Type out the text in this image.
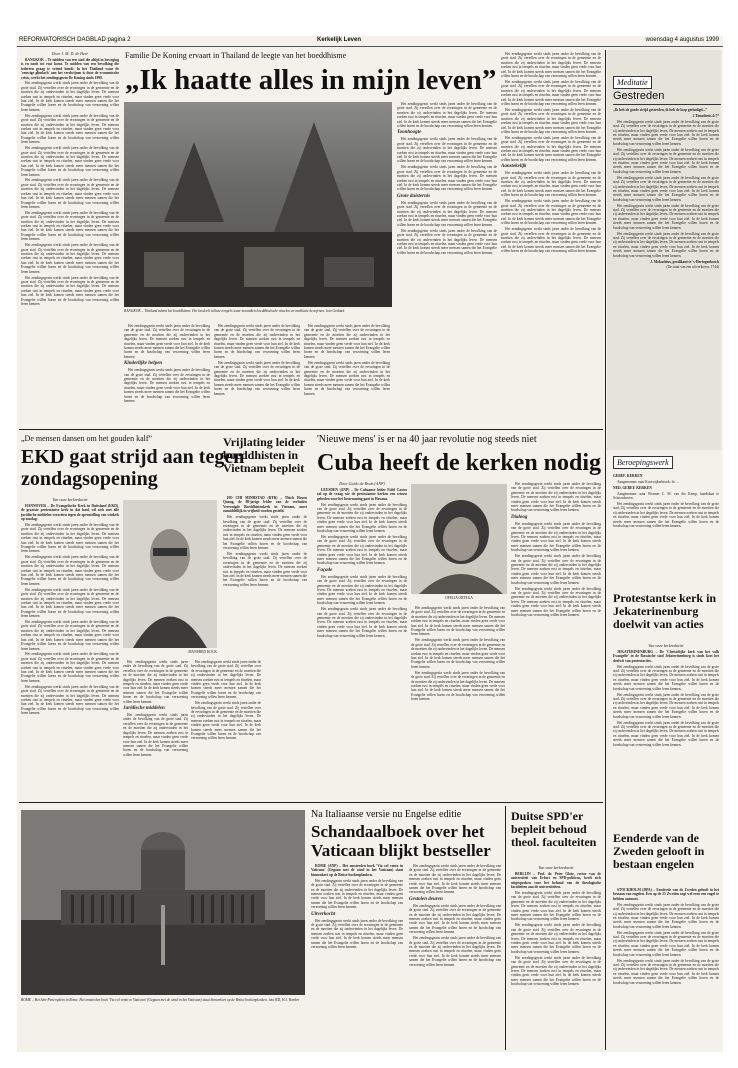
REFORMATORISCH DAGBLAD pagina 2	Kerkelijk Leven	woensdag 4 augustus 1999

Door J. M. D. de Heer

BANGKOK – Te midden van een stad die altijd in beweging is en nooit tot rust komt. Te midden van een bevolking die iedereen graag te vriend houdt. In het Thailand waar de 'eeuwige glimlach' aan het verdwijnen is door de economische crisis, werkt het zendingsgezin De Koning sinds 1990.

Het zendingsgezin werkt sinds jaren onder de bevolking van de grote stad. Zij vertellen over de ervaringen in de gemeente en de moeiten die zij ondervinden in het dagelijks leven. De mensen zoeken rust in tempels en rituelen, maar vinden geen vrede voor hun ziel. In de kerk komen steeds meer mensen samen die het Evangelie willen horen en de boodschap van verzoening willen leren kennen.

Het zendingsgezin werkt sinds jaren onder de bevolking van de grote stad. Zij vertellen over de ervaringen in de gemeente en de moeiten die zij ondervinden in het dagelijks leven. De mensen zoeken rust in tempels en rituelen, maar vinden geen vrede voor hun ziel. In de kerk komen steeds meer mensen samen die het Evangelie willen horen en de boodschap van verzoening willen leren kennen.

Het zendingsgezin werkt sinds jaren onder de bevolking van de grote stad. Zij vertellen over de ervaringen in de gemeente en de moeiten die zij ondervinden in het dagelijks leven. De mensen zoeken rust in tempels en rituelen, maar vinden geen vrede voor hun ziel. In de kerk komen steeds meer mensen samen die het Evangelie willen horen en de boodschap van verzoening willen leren kennen.

Het zendingsgezin werkt sinds jaren onder de bevolking van de grote stad. Zij vertellen over de ervaringen in de gemeente en de moeiten die zij ondervinden in het dagelijks leven. De mensen zoeken rust in tempels en rituelen, maar vinden geen vrede voor hun ziel. In de kerk komen steeds meer mensen samen die het Evangelie willen horen en de boodschap van verzoening willen leren kennen.

Het zendingsgezin werkt sinds jaren onder de bevolking van de grote stad. Zij vertellen over de ervaringen in de gemeente en de moeiten die zij ondervinden in het dagelijks leven. De mensen zoeken rust in tempels en rituelen, maar vinden geen vrede voor hun ziel. In de kerk komen steeds meer mensen samen die het Evangelie willen horen en de boodschap van verzoening willen leren kennen.

Het zendingsgezin werkt sinds jaren onder de bevolking van de grote stad. Zij vertellen over de ervaringen in de gemeente en de moeiten die zij ondervinden in het dagelijks leven. De mensen zoeken rust in tempels en rituelen, maar vinden geen vrede voor hun ziel. In de kerk komen steeds meer mensen samen die het Evangelie willen horen en de boodschap van verzoening willen leren kennen.

Het zendingsgezin werkt sinds jaren onder de bevolking van de grote stad. Zij vertellen over de ervaringen in de gemeente en de moeiten die zij ondervinden in het dagelijks leven. De mensen zoeken rust in tempels en rituelen, maar vinden geen vrede voor hun ziel. In de kerk komen steeds meer mensen samen die het Evangelie willen horen en de boodschap van verzoening willen leren kennen.

Familie De Koning ervaart in Thailand de leegte van het boeddhisme
„Ik haatte alles in mijn leven”
BANGKOK – Thailand ademt het boeddhisme. Het land telt talloze tempels waar monniken boeddhistische rituelen en meditatie beoefenen. foto Gerhard

Het zendingsgezin werkt sinds jaren onder de bevolking van de grote stad. Zij vertellen over de ervaringen in de gemeente en de moeiten die zij ondervinden in het dagelijks leven. De mensen zoeken rust in tempels en rituelen, maar vinden geen vrede voor hun ziel. In de kerk komen steeds meer mensen samen die het Evangelie willen horen en de boodschap van verzoening willen leren kennen.

Kinderlijke helpen

Het zendingsgezin werkt sinds jaren onder de bevolking van de grote stad. Zij vertellen over de ervaringen in de gemeente en de moeiten die zij ondervinden in het dagelijks leven. De mensen zoeken rust in tempels en rituelen, maar vinden geen vrede voor hun ziel. In de kerk komen steeds meer mensen samen die het Evangelie willen horen en de boodschap van verzoening willen leren kennen.

Het zendingsgezin werkt sinds jaren onder de bevolking van de grote stad. Zij vertellen over de ervaringen in de gemeente en de moeiten die zij ondervinden in het dagelijks leven. De mensen zoeken rust in tempels en rituelen, maar vinden geen vrede voor hun ziel. In de kerk komen steeds meer mensen samen die het Evangelie willen horen en de boodschap van verzoening willen leren kennen.

Het zendingsgezin werkt sinds jaren onder de bevolking van de grote stad. Zij vertellen over de ervaringen in de gemeente en de moeiten die zij ondervinden in het dagelijks leven. De mensen zoeken rust in tempels en rituelen, maar vinden geen vrede voor hun ziel. In de kerk komen steeds meer mensen samen die het Evangelie willen horen en de boodschap van verzoening willen leren kennen.

Het zendingsgezin werkt sinds jaren onder de bevolking van de grote stad. Zij vertellen over de ervaringen in de gemeente en de moeiten die zij ondervinden in het dagelijks leven. De mensen zoeken rust in tempels en rituelen, maar vinden geen vrede voor hun ziel. In de kerk komen steeds meer mensen samen die het Evangelie willen horen en de boodschap van verzoening willen leren kennen.

Het zendingsgezin werkt sinds jaren onder de bevolking van de grote stad. Zij vertellen over de ervaringen in de gemeente en de moeiten die zij ondervinden in het dagelijks leven. De mensen zoeken rust in tempels en rituelen, maar vinden geen vrede voor hun ziel. In de kerk komen steeds meer mensen samen die het Evangelie willen horen en de boodschap van verzoening willen leren kennen.

Het zendingsgezin werkt sinds jaren onder de bevolking van de grote stad. Zij vertellen over de ervaringen in de gemeente en de moeiten die zij ondervinden in het dagelijks leven. De mensen zoeken rust in tempels en rituelen, maar vinden geen vrede voor hun ziel. In de kerk komen steeds meer mensen samen die het Evangelie willen horen en de boodschap van verzoening willen leren kennen.

Toonhoogte

Het zendingsgezin werkt sinds jaren onder de bevolking van de grote stad. Zij vertellen over de ervaringen in de gemeente en de moeiten die zij ondervinden in het dagelijks leven. De mensen zoeken rust in tempels en rituelen, maar vinden geen vrede voor hun ziel. In de kerk komen steeds meer mensen samen die het Evangelie willen horen en de boodschap van verzoening willen leren kennen.

Het zendingsgezin werkt sinds jaren onder de bevolking van de grote stad. Zij vertellen over de ervaringen in de gemeente en de moeiten die zij ondervinden in het dagelijks leven. De mensen zoeken rust in tempels en rituelen, maar vinden geen vrede voor hun ziel. In de kerk komen steeds meer mensen samen die het Evangelie willen horen en de boodschap van verzoening willen leren kennen.

Grote duisternis

Het zendingsgezin werkt sinds jaren onder de bevolking van de grote stad. Zij vertellen over de ervaringen in de gemeente en de moeiten die zij ondervinden in het dagelijks leven. De mensen zoeken rust in tempels en rituelen, maar vinden geen vrede voor hun ziel. In de kerk komen steeds meer mensen samen die het Evangelie willen horen en de boodschap van verzoening willen leren kennen.

Het zendingsgezin werkt sinds jaren onder de bevolking van de grote stad. Zij vertellen over de ervaringen in de gemeente en de moeiten die zij ondervinden in het dagelijks leven. De mensen zoeken rust in tempels en rituelen, maar vinden geen vrede voor hun ziel. In de kerk komen steeds meer mensen samen die het Evangelie willen horen en de boodschap van verzoening willen leren kennen.

Het zendingsgezin werkt sinds jaren onder de bevolking van de grote stad. Zij vertellen over de ervaringen in de gemeente en de moeiten die zij ondervinden in het dagelijks leven. De mensen zoeken rust in tempels en rituelen, maar vinden geen vrede voor hun ziel. In de kerk komen steeds meer mensen samen die het Evangelie willen horen en de boodschap van verzoening willen leren kennen.

Het zendingsgezin werkt sinds jaren onder de bevolking van de grote stad. Zij vertellen over de ervaringen in de gemeente en de moeiten die zij ondervinden in het dagelijks leven. De mensen zoeken rust in tempels en rituelen, maar vinden geen vrede voor hun ziel. In de kerk komen steeds meer mensen samen die het Evangelie willen horen en de boodschap van verzoening willen leren kennen.

Het zendingsgezin werkt sinds jaren onder de bevolking van de grote stad. Zij vertellen over de ervaringen in de gemeente en de moeiten die zij ondervinden in het dagelijks leven. De mensen zoeken rust in tempels en rituelen, maar vinden geen vrede voor hun ziel. In de kerk komen steeds meer mensen samen die het Evangelie willen horen en de boodschap van verzoening willen leren kennen.

Het zendingsgezin werkt sinds jaren onder de bevolking van de grote stad. Zij vertellen over de ervaringen in de gemeente en de moeiten die zij ondervinden in het dagelijks leven. De mensen zoeken rust in tempels en rituelen, maar vinden geen vrede voor hun ziel. In de kerk komen steeds meer mensen samen die het Evangelie willen horen en de boodschap van verzoening willen leren kennen.

Aanstekelijk

Het zendingsgezin werkt sinds jaren onder de bevolking van de grote stad. Zij vertellen over de ervaringen in de gemeente en de moeiten die zij ondervinden in het dagelijks leven. De mensen zoeken rust in tempels en rituelen, maar vinden geen vrede voor hun ziel. In de kerk komen steeds meer mensen samen die het Evangelie willen horen en de boodschap van verzoening willen leren kennen.

Het zendingsgezin werkt sinds jaren onder de bevolking van de grote stad. Zij vertellen over de ervaringen in de gemeente en de moeiten die zij ondervinden in het dagelijks leven. De mensen zoeken rust in tempels en rituelen, maar vinden geen vrede voor hun ziel. In de kerk komen steeds meer mensen samen die het Evangelie willen horen en de boodschap van verzoening willen leren kennen.

Het zendingsgezin werkt sinds jaren onder de bevolking van de grote stad. Zij vertellen over de ervaringen in de gemeente en de moeiten die zij ondervinden in het dagelijks leven. De mensen zoeken rust in tempels en rituelen, maar vinden geen vrede voor hun ziel. In de kerk komen steeds meer mensen samen die het Evangelie willen horen en de boodschap van verzoening willen leren kennen.

Meditatie
Gestreden

„Ik heb de goede strijd gestreden, ik heb de loop geëindigd...”

2 Timotheüs 4:7*

Het zendingsgezin werkt sinds jaren onder de bevolking van de grote stad. Zij vertellen over de ervaringen in de gemeente en de moeiten die zij ondervinden in het dagelijks leven. De mensen zoeken rust in tempels en rituelen, maar vinden geen vrede voor hun ziel. In de kerk komen steeds meer mensen samen die het Evangelie willen horen en de boodschap van verzoening willen leren kennen.

Het zendingsgezin werkt sinds jaren onder de bevolking van de grote stad. Zij vertellen over de ervaringen in de gemeente en de moeiten die zij ondervinden in het dagelijks leven. De mensen zoeken rust in tempels en rituelen, maar vinden geen vrede voor hun ziel. In de kerk komen steeds meer mensen samen die het Evangelie willen horen en de boodschap van verzoening willen leren kennen.

Het zendingsgezin werkt sinds jaren onder de bevolking van de grote stad. Zij vertellen over de ervaringen in de gemeente en de moeiten die zij ondervinden in het dagelijks leven. De mensen zoeken rust in tempels en rituelen, maar vinden geen vrede voor hun ziel. In de kerk komen steeds meer mensen samen die het Evangelie willen horen en de boodschap van verzoening willen leren kennen.

Het zendingsgezin werkt sinds jaren onder de bevolking van de grote stad. Zij vertellen over de ervaringen in de gemeente en de moeiten die zij ondervinden in het dagelijks leven. De mensen zoeken rust in tempels en rituelen, maar vinden geen vrede voor hun ziel. In de kerk komen steeds meer mensen samen die het Evangelie willen horen en de boodschap van verzoening willen leren kennen.

Het zendingsgezin werkt sinds jaren onder de bevolking van de grote stad. Zij vertellen over de ervaringen in de gemeente en de moeiten die zij ondervinden in het dagelijks leven. De mensen zoeken rust in tempels en rituelen, maar vinden geen vrede voor hun ziel. In de kerk komen steeds meer mensen samen die het Evangelie willen horen en de boodschap van verzoening willen leren kennen.

J. Mobachius, predikant te 's-Hertogenbosch

(De staat van een uitverkoren, 1744)

Beroepingswerk

GEREF. KERKEN

Aangenomen: naar Kootwijkerbroek: ds. ...

NED. GEREF. KERKEN

Aangenomen: naar Wormer C. M. van der Kemp, kandidaat te Schoonhoven.

Het zendingsgezin werkt sinds jaren onder de bevolking van de grote stad. Zij vertellen over de ervaringen in de gemeente en de moeiten die zij ondervinden in het dagelijks leven. De mensen zoeken rust in tempels en rituelen, maar vinden geen vrede voor hun ziel. In de kerk komen steeds meer mensen samen die het Evangelie willen horen en de boodschap van verzoening willen leren kennen.

Protestantse kerk in Jekaterinenburg doelwit van acties

Van onze kerkredactie

JEKATERINENBURG – De 'Christelijke kerk van het volk Evangelië' in de Russische stad Jekaterinenburg is sinds kort het doelwit van protestacties.

Het zendingsgezin werkt sinds jaren onder de bevolking van de grote stad. Zij vertellen over de ervaringen in de gemeente en de moeiten die zij ondervinden in het dagelijks leven. De mensen zoeken rust in tempels en rituelen, maar vinden geen vrede voor hun ziel. In de kerk komen steeds meer mensen samen die het Evangelie willen horen en de boodschap van verzoening willen leren kennen.

Het zendingsgezin werkt sinds jaren onder de bevolking van de grote stad. Zij vertellen over de ervaringen in de gemeente en de moeiten die zij ondervinden in het dagelijks leven. De mensen zoeken rust in tempels en rituelen, maar vinden geen vrede voor hun ziel. In de kerk komen steeds meer mensen samen die het Evangelie willen horen en de boodschap van verzoening willen leren kennen.

Het zendingsgezin werkt sinds jaren onder de bevolking van de grote stad. Zij vertellen over de ervaringen in de gemeente en de moeiten die zij ondervinden in het dagelijks leven. De mensen zoeken rust in tempels en rituelen, maar vinden geen vrede voor hun ziel. In de kerk komen steeds meer mensen samen die het Evangelie willen horen en de boodschap van verzoening willen leren kennen.

Eenderde van de Zweden gelooft in bestaan engelen

STOCKHOLM (DPA) – Eenderde van de Zweden gelooft in het bestaan van engelen. Een op de 25 Zweden zegt wel eens een engel te hebben ontmoet.

Het zendingsgezin werkt sinds jaren onder de bevolking van de grote stad. Zij vertellen over de ervaringen in de gemeente en de moeiten die zij ondervinden in het dagelijks leven. De mensen zoeken rust in tempels en rituelen, maar vinden geen vrede voor hun ziel. In de kerk komen steeds meer mensen samen die het Evangelie willen horen en de boodschap van verzoening willen leren kennen.

Het zendingsgezin werkt sinds jaren onder de bevolking van de grote stad. Zij vertellen over de ervaringen in de gemeente en de moeiten die zij ondervinden in het dagelijks leven. De mensen zoeken rust in tempels en rituelen, maar vinden geen vrede voor hun ziel. In de kerk komen steeds meer mensen samen die het Evangelie willen horen en de boodschap van verzoening willen leren kennen.

Het zendingsgezin werkt sinds jaren onder de bevolking van de grote stad. Zij vertellen over de ervaringen in de gemeente en de moeiten die zij ondervinden in het dagelijks leven. De mensen zoeken rust in tempels en rituelen, maar vinden geen vrede voor hun ziel. In de kerk komen steeds meer mensen samen die het Evangelie willen horen en de boodschap van verzoening willen leren kennen.

„De mensen dansen om het gouden kalf”
EKD gaat strijd aan tegen zondagsopening

Van onze kerkredactie

HANNOVER – De Evangelische Kerk in Duitsland (EKD), de grootste protestantse kerk in dat land, wil zich met alle juridische middelen verzetten tegen de openstelling van winkels op zondag.

Het zendingsgezin werkt sinds jaren onder de bevolking van de grote stad. Zij vertellen over de ervaringen in de gemeente en de moeiten die zij ondervinden in het dagelijks leven. De mensen zoeken rust in tempels en rituelen, maar vinden geen vrede voor hun ziel. In de kerk komen steeds meer mensen samen die het Evangelie willen horen en de boodschap van verzoening willen leren kennen.

Het zendingsgezin werkt sinds jaren onder de bevolking van de grote stad. Zij vertellen over de ervaringen in de gemeente en de moeiten die zij ondervinden in het dagelijks leven. De mensen zoeken rust in tempels en rituelen, maar vinden geen vrede voor hun ziel. In de kerk komen steeds meer mensen samen die het Evangelie willen horen en de boodschap van verzoening willen leren kennen.

Het zendingsgezin werkt sinds jaren onder de bevolking van de grote stad. Zij vertellen over de ervaringen in de gemeente en de moeiten die zij ondervinden in het dagelijks leven. De mensen zoeken rust in tempels en rituelen, maar vinden geen vrede voor hun ziel. In de kerk komen steeds meer mensen samen die het Evangelie willen horen en de boodschap van verzoening willen leren kennen.

Het zendingsgezin werkt sinds jaren onder de bevolking van de grote stad. Zij vertellen over de ervaringen in de gemeente en de moeiten die zij ondervinden in het dagelijks leven. De mensen zoeken rust in tempels en rituelen, maar vinden geen vrede voor hun ziel. In de kerk komen steeds meer mensen samen die het Evangelie willen horen en de boodschap van verzoening willen leren kennen.

Het zendingsgezin werkt sinds jaren onder de bevolking van de grote stad. Zij vertellen over de ervaringen in de gemeente en de moeiten die zij ondervinden in het dagelijks leven. De mensen zoeken rust in tempels en rituelen, maar vinden geen vrede voor hun ziel. In de kerk komen steeds meer mensen samen die het Evangelie willen horen en de boodschap van verzoening willen leren kennen.

Het zendingsgezin werkt sinds jaren onder de bevolking van de grote stad. Zij vertellen over de ervaringen in de gemeente en de moeiten die zij ondervinden in het dagelijks leven. De mensen zoeken rust in tempels en rituelen, maar vinden geen vrede voor hun ziel. In de kerk komen steeds meer mensen samen die het Evangelie willen horen en de boodschap van verzoening willen leren kennen.

MANFRED KOCK

Het zendingsgezin werkt sinds jaren onder de bevolking van de grote stad. Zij vertellen over de ervaringen in de gemeente en de moeiten die zij ondervinden in het dagelijks leven. De mensen zoeken rust in tempels en rituelen, maar vinden geen vrede voor hun ziel. In de kerk komen steeds meer mensen samen die het Evangelie willen horen en de boodschap van verzoening willen leren kennen.

Juridische middelen

Het zendingsgezin werkt sinds jaren onder de bevolking van de grote stad. Zij vertellen over de ervaringen in de gemeente en de moeiten die zij ondervinden in het dagelijks leven. De mensen zoeken rust in tempels en rituelen, maar vinden geen vrede voor hun ziel. In de kerk komen steeds meer mensen samen die het Evangelie willen horen en de boodschap van verzoening willen leren kennen.

Het zendingsgezin werkt sinds jaren onder de bevolking van de grote stad. Zij vertellen over de ervaringen in de gemeente en de moeiten die zij ondervinden in het dagelijks leven. De mensen zoeken rust in tempels en rituelen, maar vinden geen vrede voor hun ziel. In de kerk komen steeds meer mensen samen die het Evangelie willen horen en de boodschap van verzoening willen leren kennen.

Het zendingsgezin werkt sinds jaren onder de bevolking van de grote stad. Zij vertellen over de ervaringen in de gemeente en de moeiten die zij ondervinden in het dagelijks leven. De mensen zoeken rust in tempels en rituelen, maar vinden geen vrede voor hun ziel. In de kerk komen steeds meer mensen samen die het Evangelie willen horen en de boodschap van verzoening willen leren kennen.

Vrijlating leider boeddhisten in Vietnam bepleit

HO CHI MINHSTAD (RTR) – Thich Huyen Quang, de 80-jarige leider van de verboden Vereenigde Boeddhistenkerk in Vietnam, moet onmiddellijk in vrijheid worden gesteld.

Het zendingsgezin werkt sinds jaren onder de bevolking van de grote stad. Zij vertellen over de ervaringen in de gemeente en de moeiten die zij ondervinden in het dagelijks leven. De mensen zoeken rust in tempels en rituelen, maar vinden geen vrede voor hun ziel. In de kerk komen steeds meer mensen samen die het Evangelie willen horen en de boodschap van verzoening willen leren kennen.

Het zendingsgezin werkt sinds jaren onder de bevolking van de grote stad. Zij vertellen over de ervaringen in de gemeente en de moeiten die zij ondervinden in het dagelijks leven. De mensen zoeken rust in tempels en rituelen, maar vinden geen vrede voor hun ziel. In de kerk komen steeds meer mensen samen die het Evangelie willen horen en de boodschap van verzoening willen leren kennen.

'Nieuwe mens' is er na 40 jaar revolutie nog steeds niet
Cuba heeft de kerken nodig

Door Guido de Bruin (ANP)

LEUSDEN (ANP) – De Cubaanse leider Fidel Castro zal op de vraag wie de protestantse kerken een wissen gebeden voor het bestemming gaat in Havana.

Het zendingsgezin werkt sinds jaren onder de bevolking van de grote stad. Zij vertellen over de ervaringen in de gemeente en de moeiten die zij ondervinden in het dagelijks leven. De mensen zoeken rust in tempels en rituelen, maar vinden geen vrede voor hun ziel. In de kerk komen steeds meer mensen samen die het Evangelie willen horen en de boodschap van verzoening willen leren kennen.

Het zendingsgezin werkt sinds jaren onder de bevolking van de grote stad. Zij vertellen over de ervaringen in de gemeente en de moeiten die zij ondervinden in het dagelijks leven. De mensen zoeken rust in tempels en rituelen, maar vinden geen vrede voor hun ziel. In de kerk komen steeds meer mensen samen die het Evangelie willen horen en de boodschap van verzoening willen leren kennen.

Façade

Het zendingsgezin werkt sinds jaren onder de bevolking van de grote stad. Zij vertellen over de ervaringen in de gemeente en de moeiten die zij ondervinden in het dagelijks leven. De mensen zoeken rust in tempels en rituelen, maar vinden geen vrede voor hun ziel. In de kerk komen steeds meer mensen samen die het Evangelie willen horen en de boodschap van verzoening willen leren kennen.

Het zendingsgezin werkt sinds jaren onder de bevolking van de grote stad. Zij vertellen over de ervaringen in de gemeente en de moeiten die zij ondervinden in het dagelijks leven. De mensen zoeken rust in tempels en rituelen, maar vinden geen vrede voor hun ziel. In de kerk komen steeds meer mensen samen die het Evangelie willen horen en de boodschap van verzoening willen leren kennen.

OFELIA ORTEGA

Het zendingsgezin werkt sinds jaren onder de bevolking van de grote stad. Zij vertellen over de ervaringen in de gemeente en de moeiten die zij ondervinden in het dagelijks leven. De mensen zoeken rust in tempels en rituelen, maar vinden geen vrede voor hun ziel. In de kerk komen steeds meer mensen samen die het Evangelie willen horen en de boodschap van verzoening willen leren kennen.

Het zendingsgezin werkt sinds jaren onder de bevolking van de grote stad. Zij vertellen over de ervaringen in de gemeente en de moeiten die zij ondervinden in het dagelijks leven. De mensen zoeken rust in tempels en rituelen, maar vinden geen vrede voor hun ziel. In de kerk komen steeds meer mensen samen die het Evangelie willen horen en de boodschap van verzoening willen leren kennen.

Het zendingsgezin werkt sinds jaren onder de bevolking van de grote stad. Zij vertellen over de ervaringen in de gemeente en de moeiten die zij ondervinden in het dagelijks leven. De mensen zoeken rust in tempels en rituelen, maar vinden geen vrede voor hun ziel. In de kerk komen steeds meer mensen samen die het Evangelie willen horen en de boodschap van verzoening willen leren kennen.

Het zendingsgezin werkt sinds jaren onder de bevolking van de grote stad. Zij vertellen over de ervaringen in de gemeente en de moeiten die zij ondervinden in het dagelijks leven. De mensen zoeken rust in tempels en rituelen, maar vinden geen vrede voor hun ziel. In de kerk komen steeds meer mensen samen die het Evangelie willen horen en de boodschap van verzoening willen leren kennen.

Dialoog

Het zendingsgezin werkt sinds jaren onder de bevolking van de grote stad. Zij vertellen over de ervaringen in de gemeente en de moeiten die zij ondervinden in het dagelijks leven. De mensen zoeken rust in tempels en rituelen, maar vinden geen vrede voor hun ziel. In de kerk komen steeds meer mensen samen die het Evangelie willen horen en de boodschap van verzoening willen leren kennen.

Het zendingsgezin werkt sinds jaren onder de bevolking van de grote stad. Zij vertellen over de ervaringen in de gemeente en de moeiten die zij ondervinden in het dagelijks leven. De mensen zoeken rust in tempels en rituelen, maar vinden geen vrede voor hun ziel. In de kerk komen steeds meer mensen samen die het Evangelie willen horen en de boodschap van verzoening willen leren kennen.

Het zendingsgezin werkt sinds jaren onder de bevolking van de grote stad. Zij vertellen over de ervaringen in de gemeente en de moeiten die zij ondervinden in het dagelijks leven. De mensen zoeken rust in tempels en rituelen, maar vinden geen vrede voor hun ziel. In de kerk komen steeds meer mensen samen die het Evangelie willen horen en de boodschap van verzoening willen leren kennen.

ROME – Het Sint-Pietersplein in Rome. Het omstreden boek 'Via col vento in Vaticano' (Gegaan met de wind in het Vaticaan) staat binnenkort op de Britse boekenplanken. foto RD, H.J. Roeder
Na Italiaanse versie nu Engelse editie
Schandaalboek over het Vaticaan blijkt bestseller

ROME (ANP) – Het omstreden boek 'Via col vento in Vaticano' (Gegaan met de wind in het Vaticaan) staat binnenkort op de Britse boekenplanken.

Het zendingsgezin werkt sinds jaren onder de bevolking van de grote stad. Zij vertellen over de ervaringen in de gemeente en de moeiten die zij ondervinden in het dagelijks leven. De mensen zoeken rust in tempels en rituelen, maar vinden geen vrede voor hun ziel. In de kerk komen steeds meer mensen samen die het Evangelie willen horen en de boodschap van verzoening willen leren kennen.

Uitverkocht

Het zendingsgezin werkt sinds jaren onder de bevolking van de grote stad. Zij vertellen over de ervaringen in de gemeente en de moeiten die zij ondervinden in het dagelijks leven. De mensen zoeken rust in tempels en rituelen, maar vinden geen vrede voor hun ziel. In de kerk komen steeds meer mensen samen die het Evangelie willen horen en de boodschap van verzoening willen leren kennen.

Het zendingsgezin werkt sinds jaren onder de bevolking van de grote stad. Zij vertellen over de ervaringen in de gemeente en de moeiten die zij ondervinden in het dagelijks leven. De mensen zoeken rust in tempels en rituelen, maar vinden geen vrede voor hun ziel. In de kerk komen steeds meer mensen samen die het Evangelie willen horen en de boodschap van verzoening willen leren kennen.

Gestolen deuren

Het zendingsgezin werkt sinds jaren onder de bevolking van de grote stad. Zij vertellen over de ervaringen in de gemeente en de moeiten die zij ondervinden in het dagelijks leven. De mensen zoeken rust in tempels en rituelen, maar vinden geen vrede voor hun ziel. In de kerk komen steeds meer mensen samen die het Evangelie willen horen en de boodschap van verzoening willen leren kennen.

Het zendingsgezin werkt sinds jaren onder de bevolking van de grote stad. Zij vertellen over de ervaringen in de gemeente en de moeiten die zij ondervinden in het dagelijks leven. De mensen zoeken rust in tempels en rituelen, maar vinden geen vrede voor hun ziel. In de kerk komen steeds meer mensen samen die het Evangelie willen horen en de boodschap van verzoening willen leren kennen.

Duitse SPD'er bepleit behoud theol. faculteiten

Van onze kerkredactie

BERLIJN – Prof. dr. Peter Glotz, rector van de universiteit van Erfurt en SPD-politicus, heeft zich uitgesproken voor het behoud van de theologische faculteiten aan de universiteiten.

Het zendingsgezin werkt sinds jaren onder de bevolking van de grote stad. Zij vertellen over de ervaringen in de gemeente en de moeiten die zij ondervinden in het dagelijks leven. De mensen zoeken rust in tempels en rituelen, maar vinden geen vrede voor hun ziel. In de kerk komen steeds meer mensen samen die het Evangelie willen horen en de boodschap van verzoening willen leren kennen.

Het zendingsgezin werkt sinds jaren onder de bevolking van de grote stad. Zij vertellen over de ervaringen in de gemeente en de moeiten die zij ondervinden in het dagelijks leven. De mensen zoeken rust in tempels en rituelen, maar vinden geen vrede voor hun ziel. In de kerk komen steeds meer mensen samen die het Evangelie willen horen en de boodschap van verzoening willen leren kennen.

Het zendingsgezin werkt sinds jaren onder de bevolking van de grote stad. Zij vertellen over de ervaringen in de gemeente en de moeiten die zij ondervinden in het dagelijks leven. De mensen zoeken rust in tempels en rituelen, maar vinden geen vrede voor hun ziel. In de kerk komen steeds meer mensen samen die het Evangelie willen horen en de boodschap van verzoening willen leren kennen.
